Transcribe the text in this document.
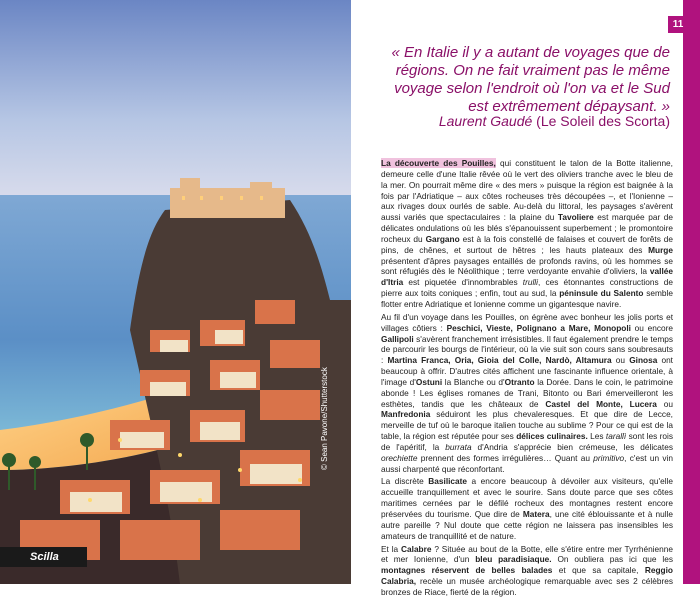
Scilla
© Sean Pavone/Shutterstock
11
« En Italie il y a autant de voyages que de régions. On ne fait vraiment pas le même voyage selon l'endroit où l'on va et le Sud est extrêmement dépaysant. »
Laurent Gaudé (Le Soleil des Scorta)

La découverte des Pouilles, qui constituent le talon de la Botte italienne, demeure celle d'une Italie rêvée où le vert des oliviers tranche avec le bleu de la mer. On pourrait même dire « des mers » puisque la région est baignée à la fois par l'Adriatique – aux côtes rocheuses très découpées –, et l'Ionienne – aux rivages doux ourlés de sable. Au-delà du littoral, les paysages s'avèrent aussi variés que spectaculaires : la plaine du Tavoliere est marquée par de délicates ondulations où les blés s'épanouissent superbement ; le promontoire rocheux du Gargano est à la fois constellé de falaises et couvert de forêts de pins, de chênes, et surtout de hêtres ; les hauts plateaux des Murge présentent d'âpres paysages entaillés de profonds ravins, où les hommes se sont réfugiés dès le Néolithique ; terre verdoyante envahie d'oliviers, la vallée d'Itria est piquetée d'innombrables trulli, ces étonnantes constructions de pierre aux toits coniques ; enfin, tout au sud, la péninsule du Salento semble flotter entre Adriatique et Ionienne comme un gigantesque navire.

Au fil d'un voyage dans les Pouilles, on égrène avec bonheur les jolis ports et villages côtiers : Peschici, Vieste, Polignano a Mare, Monopoli ou encore Gallipoli s'avèrent franchement irrésistibles. Il faut également prendre le temps de parcourir les bourgs de l'intérieur, où la vie suit son cours sans soubresauts : Martina Franca, Oria, Gioia del Colle, Nardò, Altamura ou Ginosa ont beaucoup à offrir. D'autres cités affichent une fascinante influence orientale, à l'image d'Ostuni la Blanche ou d'Otranto la Dorée. Dans le coin, le patrimoine abonde ! Les églises romanes de Trani, Bitonto ou Bari émerveilleront les esthètes, tandis que les châteaux de Castel del Monte, Lucera ou Manfredonia séduiront les plus chevaleresques. Et que dire de Lecce, merveille de tuf où le baroque italien touche au sublime ? Pour ce qui est de la table, la région est réputée pour ses délices culinaires. Les tarallì sont les rois de l'apéritif, la burrata d'Andria s'apprécie bien crémeuse, les délicates orechiette prennent des formes irrégulières… Quant au primitivo, c'est un vin aussi charpenté que réconfortant.

La discrète Basilicate a encore beaucoup à dévoiler aux visiteurs, qu'elle accueille tranquillement et avec le sourire. Sans doute parce que ses côtes maritimes cernées par le défilé rocheux des montagnes restent encore préservées du tourisme. Que dire de Matera, une cité éblouissante et à nulle autre pareille ? Nul doute que cette région ne laissera pas insensibles les amateurs de tranquillité et de nature.

Et la Calabre ? Située au bout de la Botte, elle s'étire entre mer Tyrrhénienne et mer Ionienne, d'un bleu paradisiaque. On oubliera pas ici que les montagnes réservent de belles balades et que sa capitale, Reggio Calabria, recèle un musée archéologique remarquable avec ses 2 célèbres bronzes de Riace, fierté de la région.
